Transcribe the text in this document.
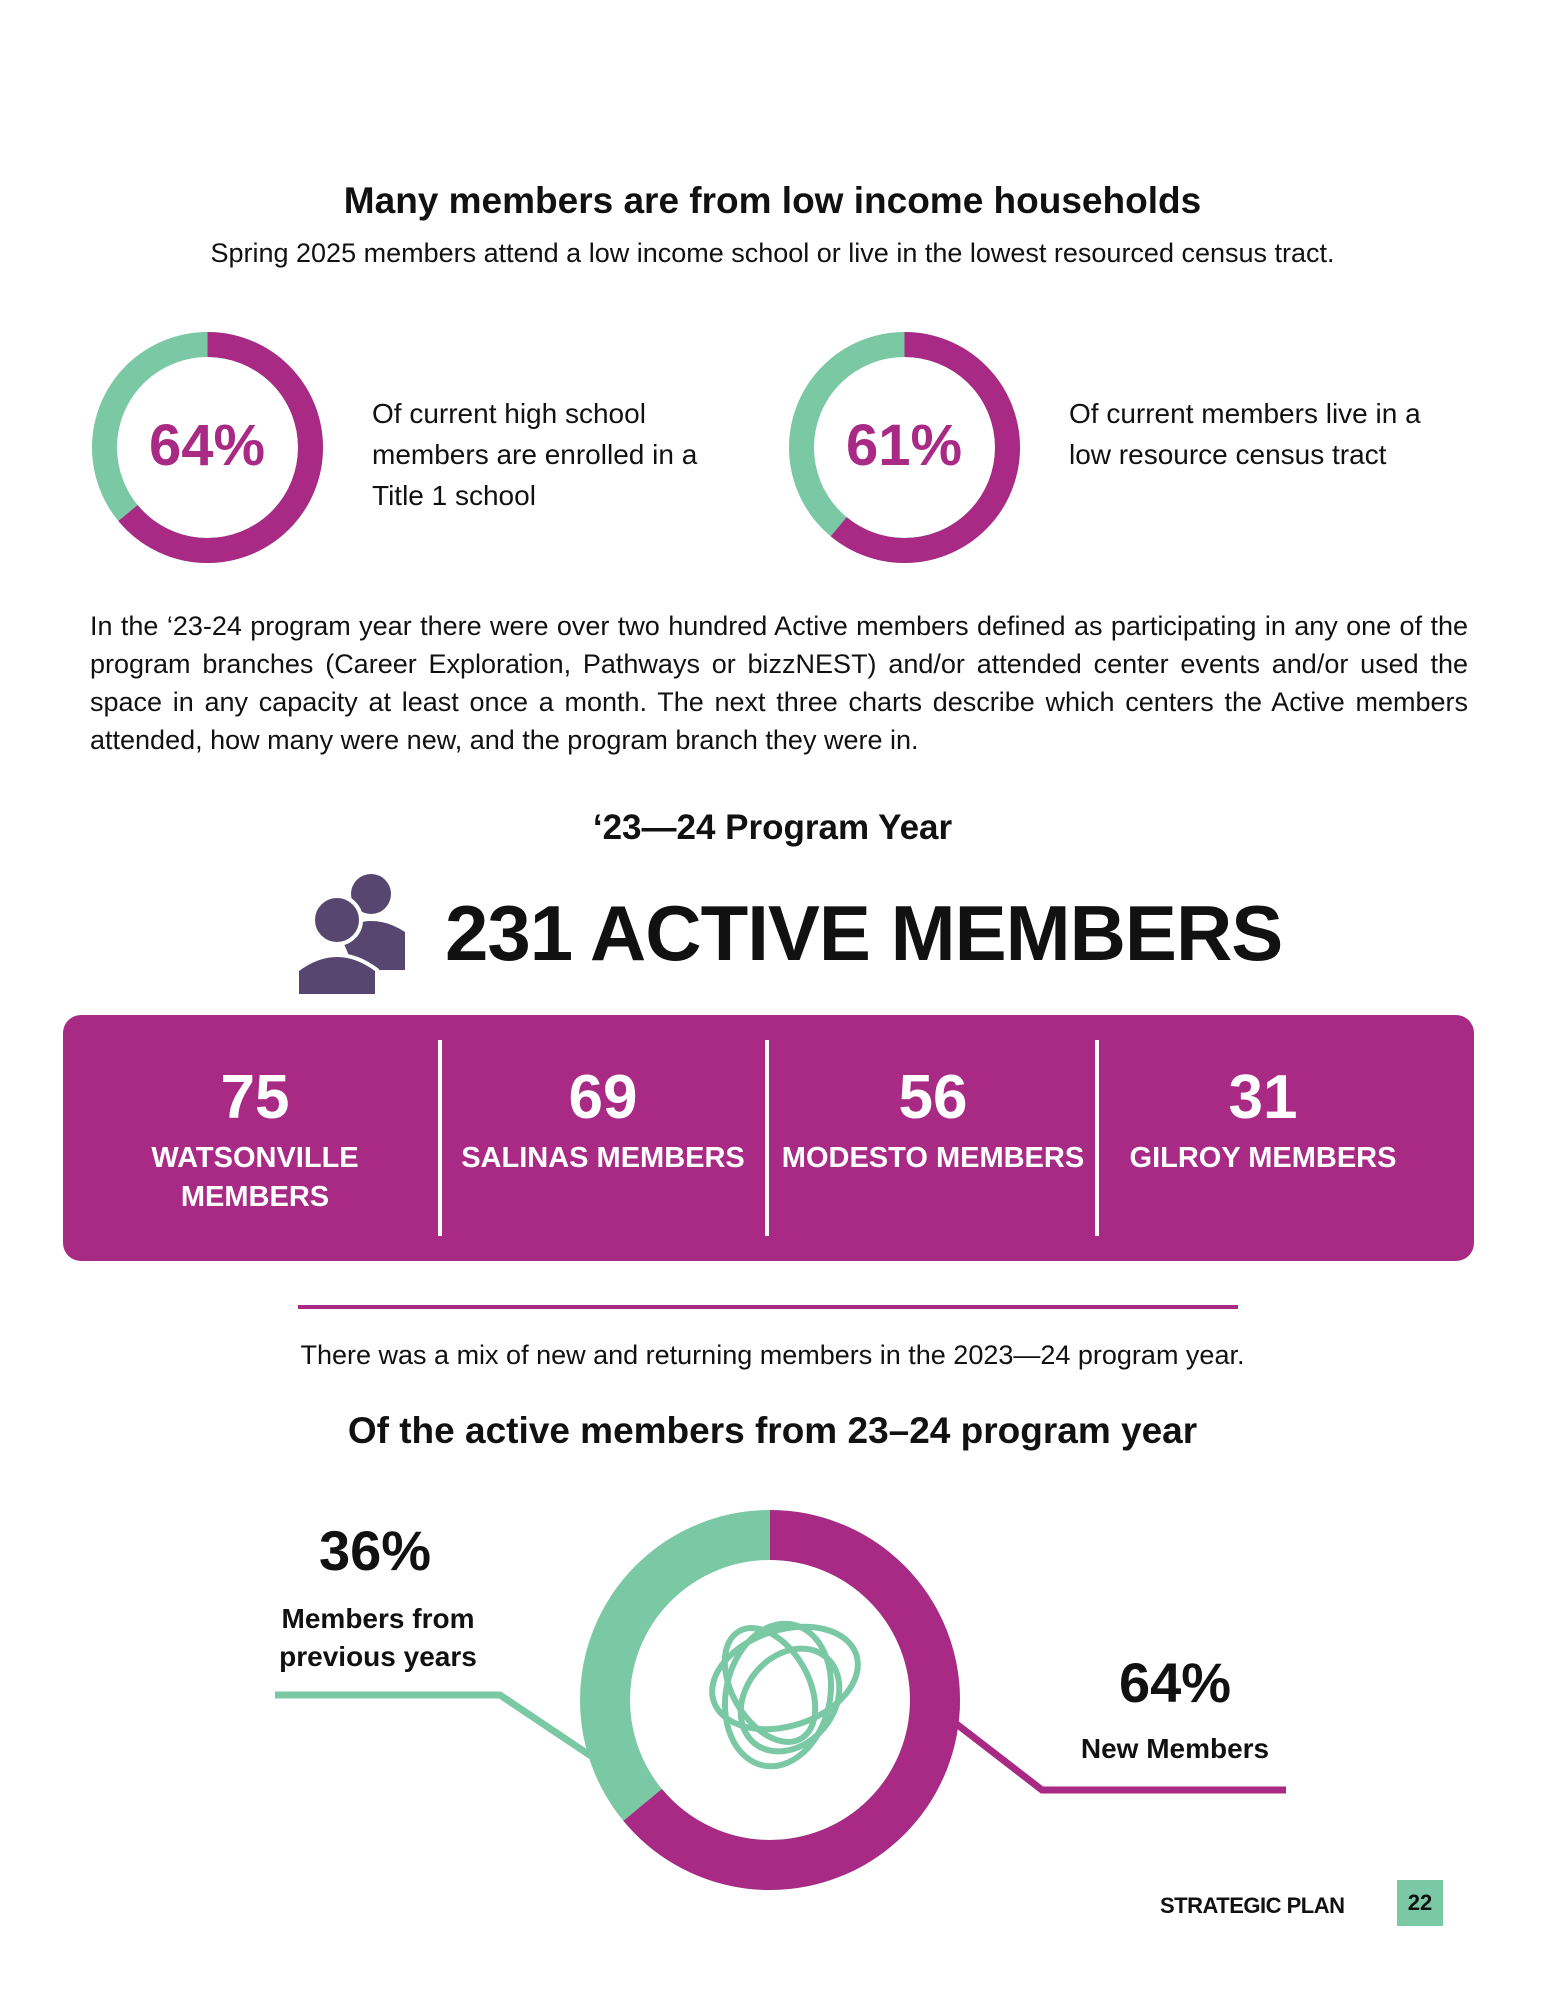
Many members are from low income households
Spring 2025 members attend a low income school or live in the lowest resourced census tract.
64%	Of current high school members are enrolled in a Title 1 school
61%	Of current members live in a low resource census tract
In the ‘23-24 program year there were over two hundred Active members defined as participating in any one of the program branches (Career Exploration, Pathways or bizzNEST) and/or attended center events and/or used the space in any capacity at least once a month. The next three charts describe which centers the Active members attended, how many were new, and the program branch they were in.
‘23—24 Program Year
231 ACTIVE MEMBERS
75
WATSONVILLE MEMBERS
69
SALINAS MEMBERS
56
MODESTO MEMBERS
31
GILROY MEMBERS
There was a mix of new and returning members in the 2023—24 program year.
Of the active members from 23–24 program year
36%
Members from previous years	64%
New Members
STRATEGIC PLAN	22
